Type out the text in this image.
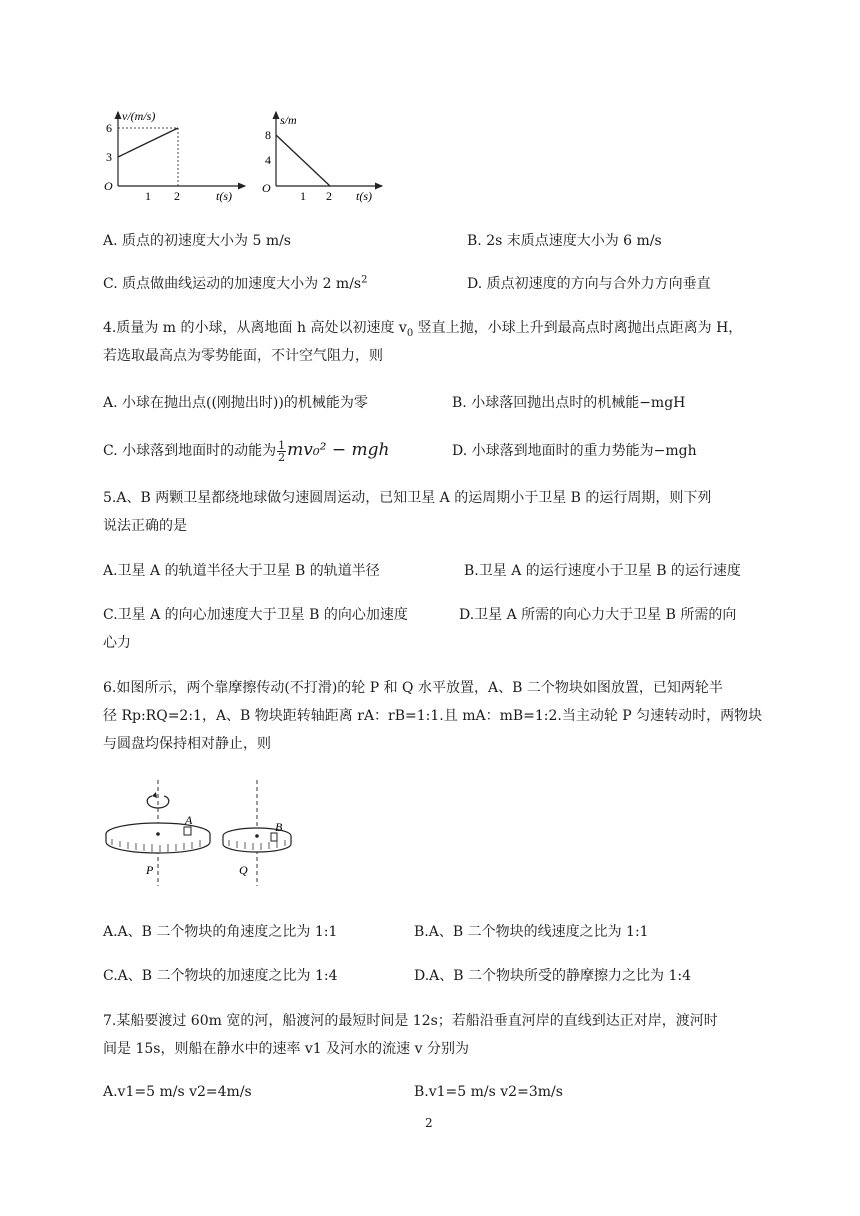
v/(m/s)
6
3
O
1 2	t(s)
s/m
8
4
O
1 2 t(s)
A. 质点的初速度大小为 5 m/s	B. 2s 末质点速度大小为 6 m/s
C. 质点做曲线运动的加速度大小为 2 $m/s^2$	D. 质点初速度的方向与合外力方向垂直
4.质量为 m 的小球，从离地面 h 高处以初速度 $v_0$ 竖直上抛，小球上升到最高点时离抛出点距离为 H，
若选取最高点为零势能面，不计空气阻力，则
A. 小球在抛出点((刚抛出时))的机械能为零	B. 小球落回抛出点时的机械能−mgH
C. 小球落到地面时的动能为 $\frac{1}{2} mv_0^2$ − mgh	D. 小球落到地面时的重力势能为−mgh
5.A、B 两颗卫星都绕地球做匀速圆周运动，已知卫星 A 的运周期小于卫星 B 的运行周期，则下列
说法正确的是
A.卫星 A 的轨道半径大于卫星 B 的轨道半径	B.卫星 A 的运行速度小于卫星 B 的运行速度
C.卫星 A 的向心加速度大于卫星 B 的向心加速度	D.卫星 A 所需的向心力大于卫星 B 所需的向
心力
6.如图所示，两个靠摩擦传动(不打滑)的轮 P 和 Q 水平放置，A、B 二个物块如图放置，已知两轮半
径 Rp:RQ=2:1，A、B 物块距转轴距离 rA：rB=1:1.且 mA：mB=1:2.当主动轮 P 匀速转动时，两物块
与圆盘均保持相对静止，则
A	B
P	Q
A.A、B 二个物块的角速度之比为 1:1	B.A、B 二个物块的线速度之比为 1:1
C.A、B 二个物块的加速度之比为 1:4	D.A、B 二个物块所受的静摩擦力之比为 1:4
7.某船要渡过 60m 宽的河，船渡河的最短时间是 12s；若船沿垂直河岸的直线到达正对岸，渡河时
间是 15s，则船在静水中的速率 v1 及河水的流速 v 分别为
A.v1=5 m/s v2=4m/s	B.v1=5 m/s v2=3m/s
2
